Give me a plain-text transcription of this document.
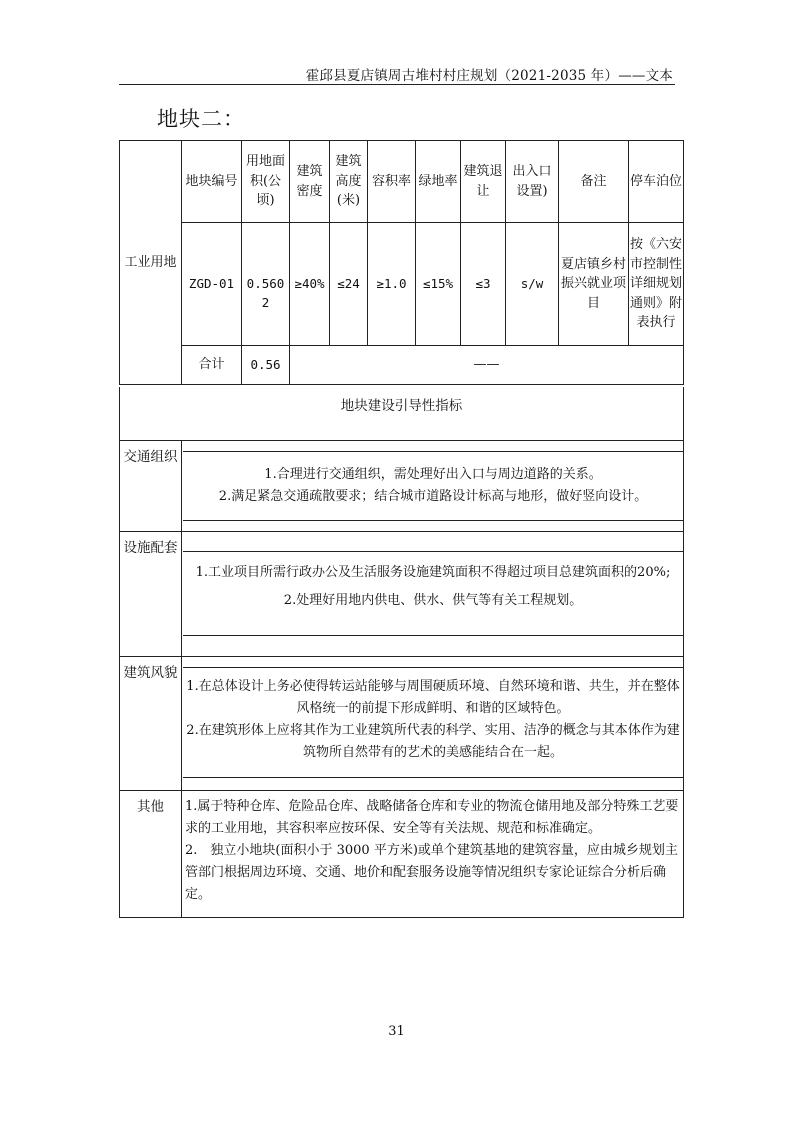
霍邱县夏店镇周古堆村村庄规划（2021-2035 年）——文本
地块二：
工业用地	地块编号	用地面积(公顷)	建筑密度	建筑高度(米)	容积率	绿地率	建筑退让	出入口设置)	备注	停车泊位
	ZGD-01	0.5602	≥40%	≤24	≥1.0	≤15%	≤3	s/w	夏店镇乡村振兴就业项目	按《六安市控制性详细规划通则》附表执行
	合计	0.56	——							
地块建设引导性指标
交通组织

1.合理进行交通组织，需处理好出入口与周边道路的关系。

2.满足紧急交通疏散要求；结合城市道路设计标高与地形，做好竖向设计。

设施配套

1.工业项目所需行政办公及生活服务设施建筑面积不得超过项目总建筑面积的20%;

2.处理好用地内供电、供水、供气等有关工程规划。

建筑风貌

1.在总体设计上务必使得转运站能够与周围硬质环境、自然环境和谐、共生，并在整体风格统一的前提下形成鲜明、和谐的区域特色。

2.在建筑形体上应将其作为工业建筑所代表的科学、实用、洁净的概念与其本体作为建筑物所自然带有的艺术的美感能结合在一起。

其他	1.属于特种仓库、危险品仓库、战略储备仓库和专业的物流仓储用地及部分特殊工艺要求的工业用地，其容积率应按环保、安全等有关法规、规范和标准确定。

2.　独立小地块(面积小于 3000 平方米)或单个建筑基地的建筑容量，应由城乡规划主管部门根据周边环境、交通、地价和配套服务设施等情况组织专家论证综合分析后确定。

31
